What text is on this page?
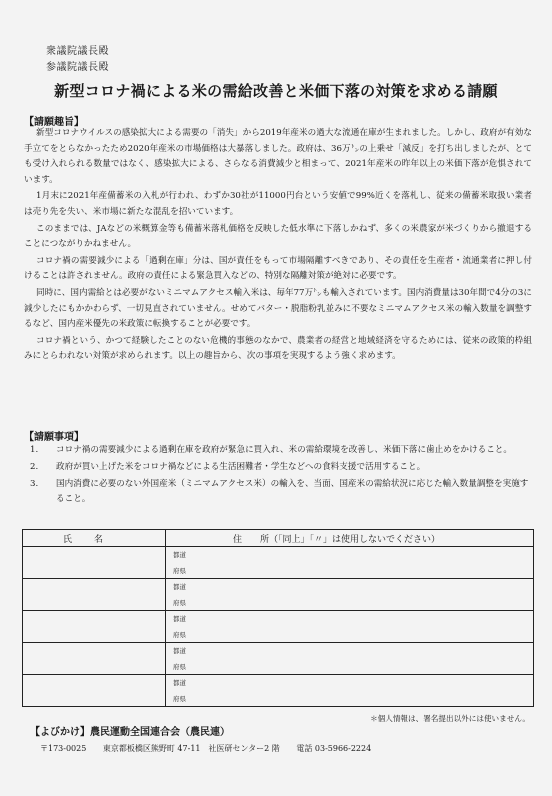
衆議院議長殿
参議院議長殿
新型コロナ禍による米の需給改善と米価下落の対策を求める請願
【請願趣旨】

新型コロナウイルスの感染拡大による需要の「消失」から2019年産米の過大な流通在庫が生まれました。しかし、政府が有効な手立てをとらなかったため2020年産米の市場価格は大暴落しました。政府は、36万㌧の上乗せ「減反」を打ち出しましたが、とても受け入れられる数量ではなく、感染拡大による、さらなる消費減少と相まって、2021年産米の昨年以上の米価下落が危惧されています。

1月末に2021年産備蓄米の入札が行われ、わずか30社が11000円台という安値で99%近くを落札し、従来の備蓄米取扱い業者は売り先を失い、米市場に新たな混乱を招いています。

このままでは、JAなどの米概算金等も備蓄米落札価格を反映した低水準に下落しかねず、多くの米農家が米づくりから撤退することにつながりかねません。

コロナ禍の需要減少による「過剰在庫」分は、国が責任をもって市場隔離すべきであり、その責任を生産者・流通業者に押し付けることは許されません。政府の責任による緊急買入などの、特別な隔離対策が絶対に必要です。

同時に、国内需給とは必要がないミニマムアクセス輸入米は、毎年77万㌧も輸入されています。国内消費量は30年間で4分の3に減少したにもかかわらず、一切見直されていません。せめてバター・脱脂粉乳並みに不要なミニマムアクセス米の輸入数量を調整するなど、国内産米優先の米政策に転換することが必要です。

コロナ禍という、かつて経験したことのない危機的事態のなかで、農業者の経営と地域経済を守るためには、従来の政策的枠組みにとらわれない対策が求められます。以上の趣旨から、次の事項を実現するよう強く求めます。

【請願事項】
1. コロナ禍の需要減少による過剰在庫を政府が緊急に買入れ、米の需給環境を改善し、米価下落に歯止めをかけること。
2. 政府が買い上げた米をコロナ禍などによる生活困難者・学生などへの食料支援で活用すること。
3. 国内消費に必要のない外国産米（ミニマムアクセス米）の輸入を、当面、国産米の需給状況に応じた輸入数量調整を実施すること。
氏名	住　　所（「同上」「〃」は使用しないでください）
都道
府県
都道
府県
都道
府県
都道
府県
都道
府県
＊個人情報は、署名提出以外には使いません。
【よびかけ】農民運動全国連合会（農民連）
〒173-0025 東京都板橋区熊野町 47-11　社医研センター2 階 電話 03-5966-2224
